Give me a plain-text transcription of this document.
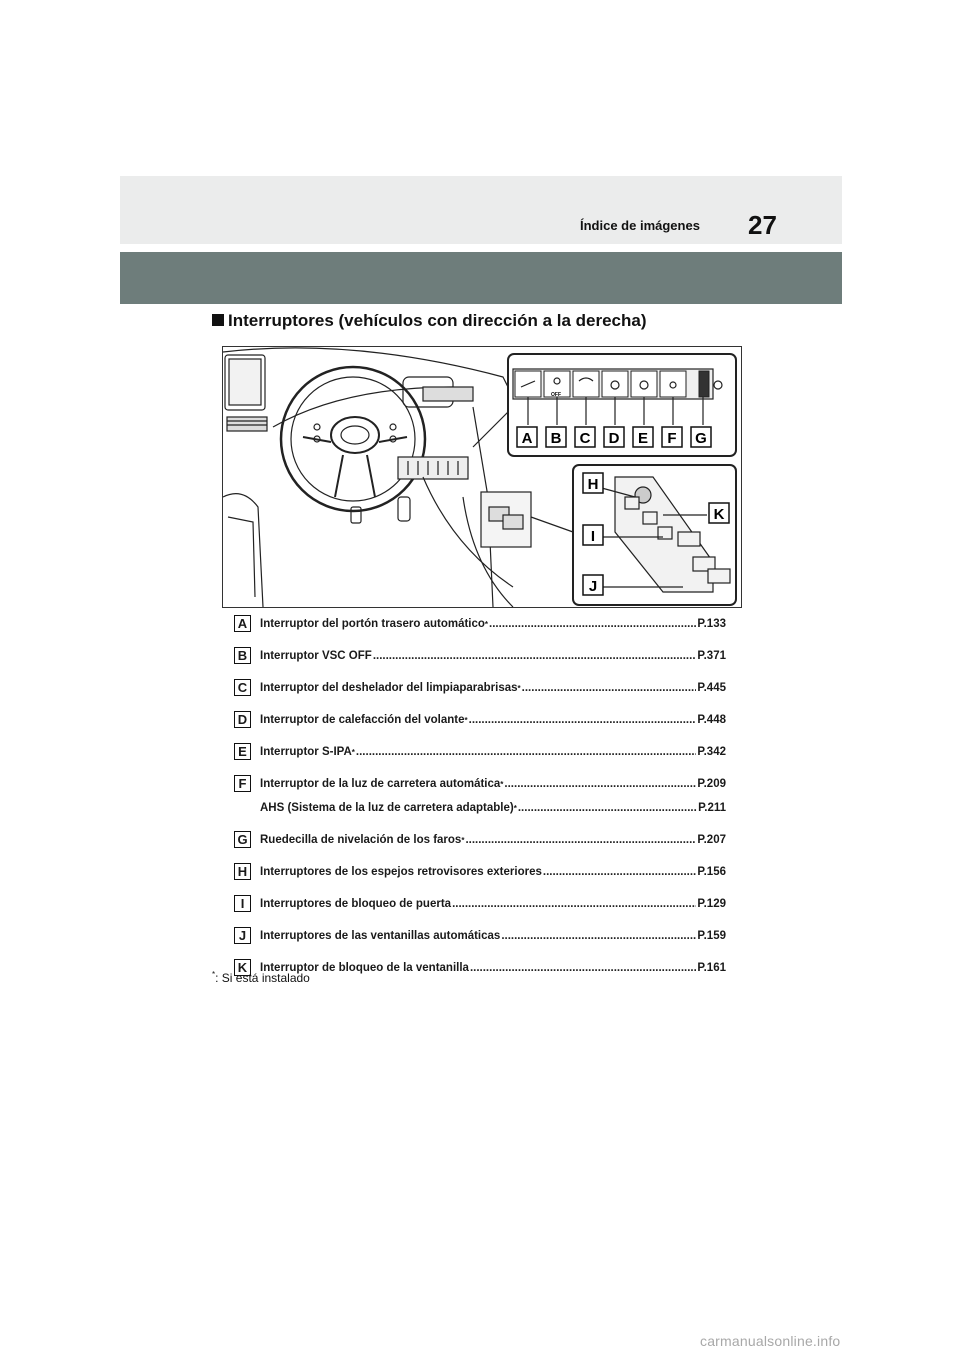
Índice de imágenes 27
Interruptores (vehículos con dirección a la derecha)
OFF
A B C D E F G
H
I
J
K
A	Interruptor del portón trasero automático * .....	P.133
B	Interruptor VSC OFF .....	P.371
C	Interruptor del deshelador del limpiaparabrisas * .....	P.445
D	Interruptor de calefacción del volante * .....	P.448
E	Interruptor S-IPA * .....	P.342
F	Interruptor de la luz de carretera automática * .....	P.209
AHS (Sistema de la luz de carretera adaptable) * .....	P.211
G Ruedecilla de nivelación de los faros * .....	P.207
H	Interruptores de los espejos retrovisores exteriores .....	P.156
I	Interruptores de bloqueo de puerta .....	P.129
J	Interruptores de las ventanillas automáticas .....	P.159
K	Interruptor de bloqueo de la ventanilla .....	P.161
*: Si está instalado
carmanualsonline.info
